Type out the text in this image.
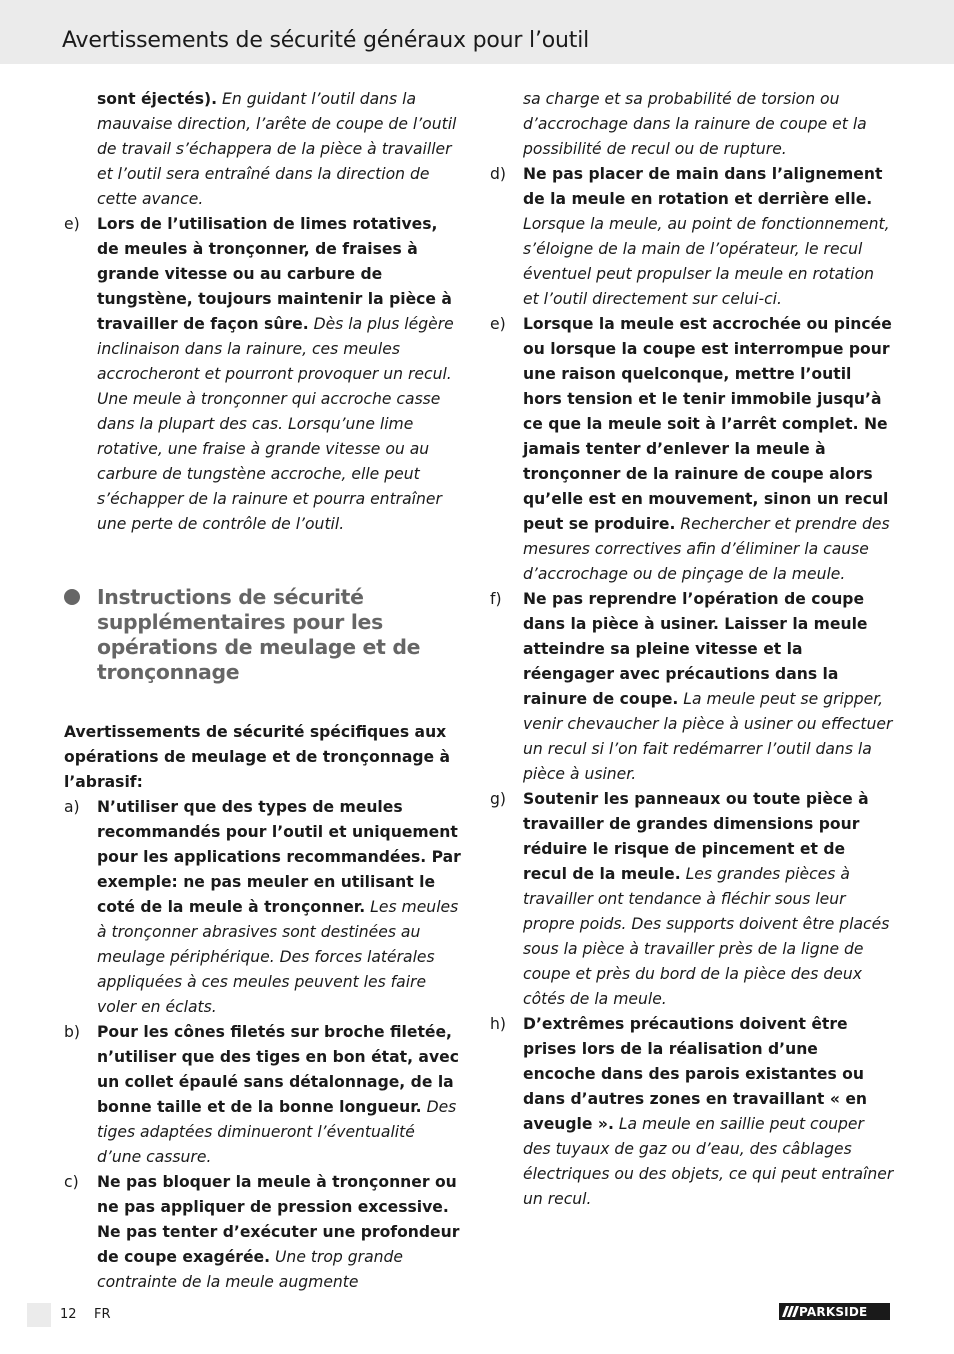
Avertissements de sécurité généraux pour l’outil

sont éjectés). En guidant l’outil dans la mauvaise direction, l’arête de coupe de l’outil de travail s’échappera de la pièce à travailler et l’outil sera entraîné dans la direction de cette avance.

e) Lors de l’utilisation de limes rotatives, de meules à tronçonner, de fraises à grande vitesse ou au carbure de tungstène, toujours maintenir la pièce à travailler de façon sûre. Dès la plus légère inclinaison dans la rainure, ces meules accrocheront et pourront provoquer un recul. Une meule à tronçonner qui accroche casse dans la plupart des cas. Lorsqu’une lime rotative, une fraise à grande vitesse ou au carbure de tungstène accroche, elle peut s’échapper de la rainure et pourra entraîner une perte de contrôle de l’outil.

Instructions de sécurité supplémentaires pour les opérations de meulage et de tronçonnage

Avertissements de sécurité spécifiques aux opérations de meulage et de tronçonnage à l’abrasif:

a) N’utiliser que des types de meules recommandés pour l’outil et uniquement pour les applications recommandées. Par exemple: ne pas meuler en utilisant le coté de la meule à tronçonner. Les meules à tronçonner abrasives sont destinées au meulage périphérique. Des forces latérales appliquées à ces meules peuvent les faire voler en éclats.

b) Pour les cônes filetés sur broche filetée, n’utiliser que des tiges en bon état, avec un collet épaulé sans détalonnage, de la bonne taille et de la bonne longueur. Des tiges adaptées diminueront l’éventualité d’une cassure.

c) Ne pas bloquer la meule à tronçonner ou ne pas appliquer de pression excessive. Ne pas tenter d’exécuter une profondeur de coupe exagérée. Une trop grande contrainte de la meule augmente

sa charge et sa probabilité de torsion ou d’accrochage dans la rainure de coupe et la possibilité de recul ou de rupture.

d) Ne pas placer de main dans l’alignement de la meule en rotation et derrière elle. Lorsque la meule, au point de fonctionnement, s’éloigne de la main de l’opérateur, le recul éventuel peut propulser la meule en rotation et l’outil directement sur celui-ci.

e) Lorsque la meule est accrochée ou pincée ou lorsque la coupe est interrompue pour une raison quelconque, mettre l’outil hors tension et le tenir immobile jusqu’à ce que la meule soit à l’arrêt complet. Ne jamais tenter d’enlever la meule à tronçonner de la rainure de coupe alors qu’elle est en mouvement, sinon un recul peut se produire. Rechercher et prendre des mesures correctives afin d’éliminer la cause d’accrochage ou de pinçage de la meule.

f) Ne pas reprendre l’opération de coupe dans la pièce à usiner. Laisser la meule atteindre sa pleine vitesse et la réengager avec précautions dans la rainure de coupe. La meule peut se gripper, venir chevaucher la pièce à usiner ou effectuer un recul si l’on fait redémarrer l’outil dans la pièce à usiner.

g) Soutenir les panneaux ou toute pièce à travailler de grandes dimensions pour réduire le risque de pincement et de recul de la meule. Les grandes pièces à travailler ont tendance à fléchir sous leur propre poids. Des supports doivent être placés sous la pièce à travailler près de la ligne de coupe et près du bord de la pièce des deux côtés de la meule.

h) D’extrêmes précautions doivent être prises lors de la réalisation d’une encoche dans des parois existantes ou dans d’autres zones en travaillant « en aveugle ». La meule en saillie peut couper des tuyaux de gaz ou d’eau, des câblages électriques ou des objets, ce qui peut entraîner un recul.

12 FR	PARKSIDE
